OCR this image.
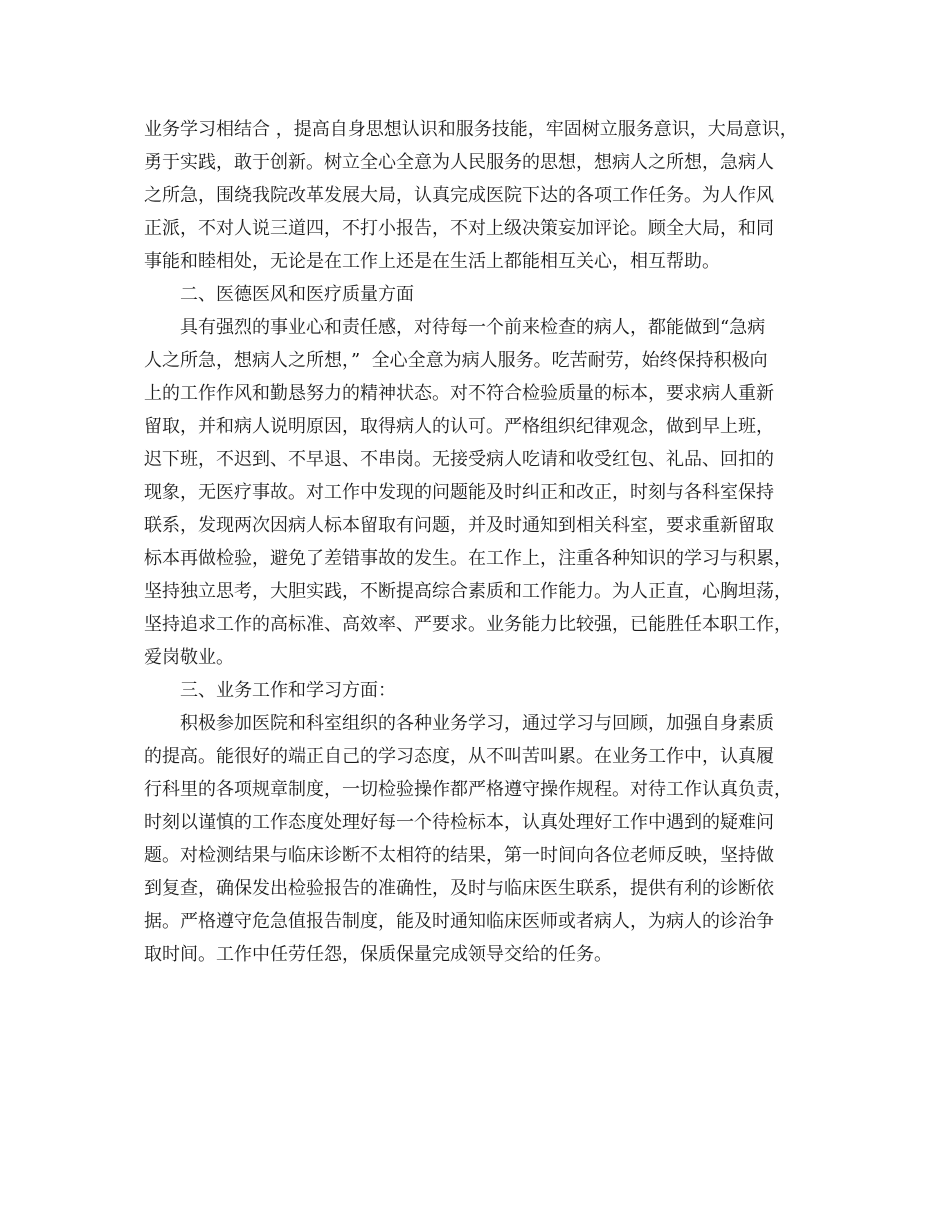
业务学习相结合 ，提高自身思想认识和服务技能，牢固树立服务意识，大局意识，
勇于实践，敢于创新。树立全心全意为人民服务的思想，想病人之所想，急病人
之所急，围绕我院改革发展大局，认真完成医院下达的各项工作任务。为人作风
正派，不对人说三道四，不打小报告，不对上级决策妄加评论。顾全大局，和同
事能和睦相处，无论是在工作上还是在生活上都能相互关心，相互帮助。
二、医德医风和医疗质量方面
具有强烈的事业心和责任感，对待每一个前来检查的病人，都能做到“急病
人之所急，想病人之所想，”  全心全意为病人服务。吃苦耐劳，始终保持积极向
上的工作作风和勤恳努力的精神状态。对不符合检验质量的标本，要求病人重新
留取，并和病人说明原因，取得病人的认可。严格组织纪律观念，做到早上班，
迟下班，不迟到、不早退、不串岗。无接受病人吃请和收受红包、礼品、回扣的
现象，无医疗事故。对工作中发现的问题能及时纠正和改正，时刻与各科室保持
联系，发现两次因病人标本留取有问题，并及时通知到相关科室，要求重新留取
标本再做检验，避免了差错事故的发生。在工作上，注重各种知识的学习与积累，
坚持独立思考，大胆实践，不断提高综合素质和工作能力。为人正直，心胸坦荡，
坚持追求工作的高标准、高效率、严要求。业务能力比较强，已能胜任本职工作，
爱岗敬业。
三、业务工作和学习方面：
积极参加医院和科室组织的各种业务学习，通过学习与回顾，加强自身素质
的提高。能很好的端正自己的学习态度，从不叫苦叫累。在业务工作中，认真履
行科里的各项规章制度，一切检验操作都严格遵守操作规程。对待工作认真负责，
时刻以谨慎的工作态度处理好每一个待检标本，认真处理好工作中遇到的疑难问
题。对检测结果与临床诊断不太相符的结果，第一时间向各位老师反映，坚持做
到复查，确保发出检验报告的准确性，及时与临床医生联系，提供有利的诊断依
据。严格遵守危急值报告制度，能及时通知临床医师或者病人，为病人的诊治争
取时间。工作中任劳任怨，保质保量完成领导交给的任务。
